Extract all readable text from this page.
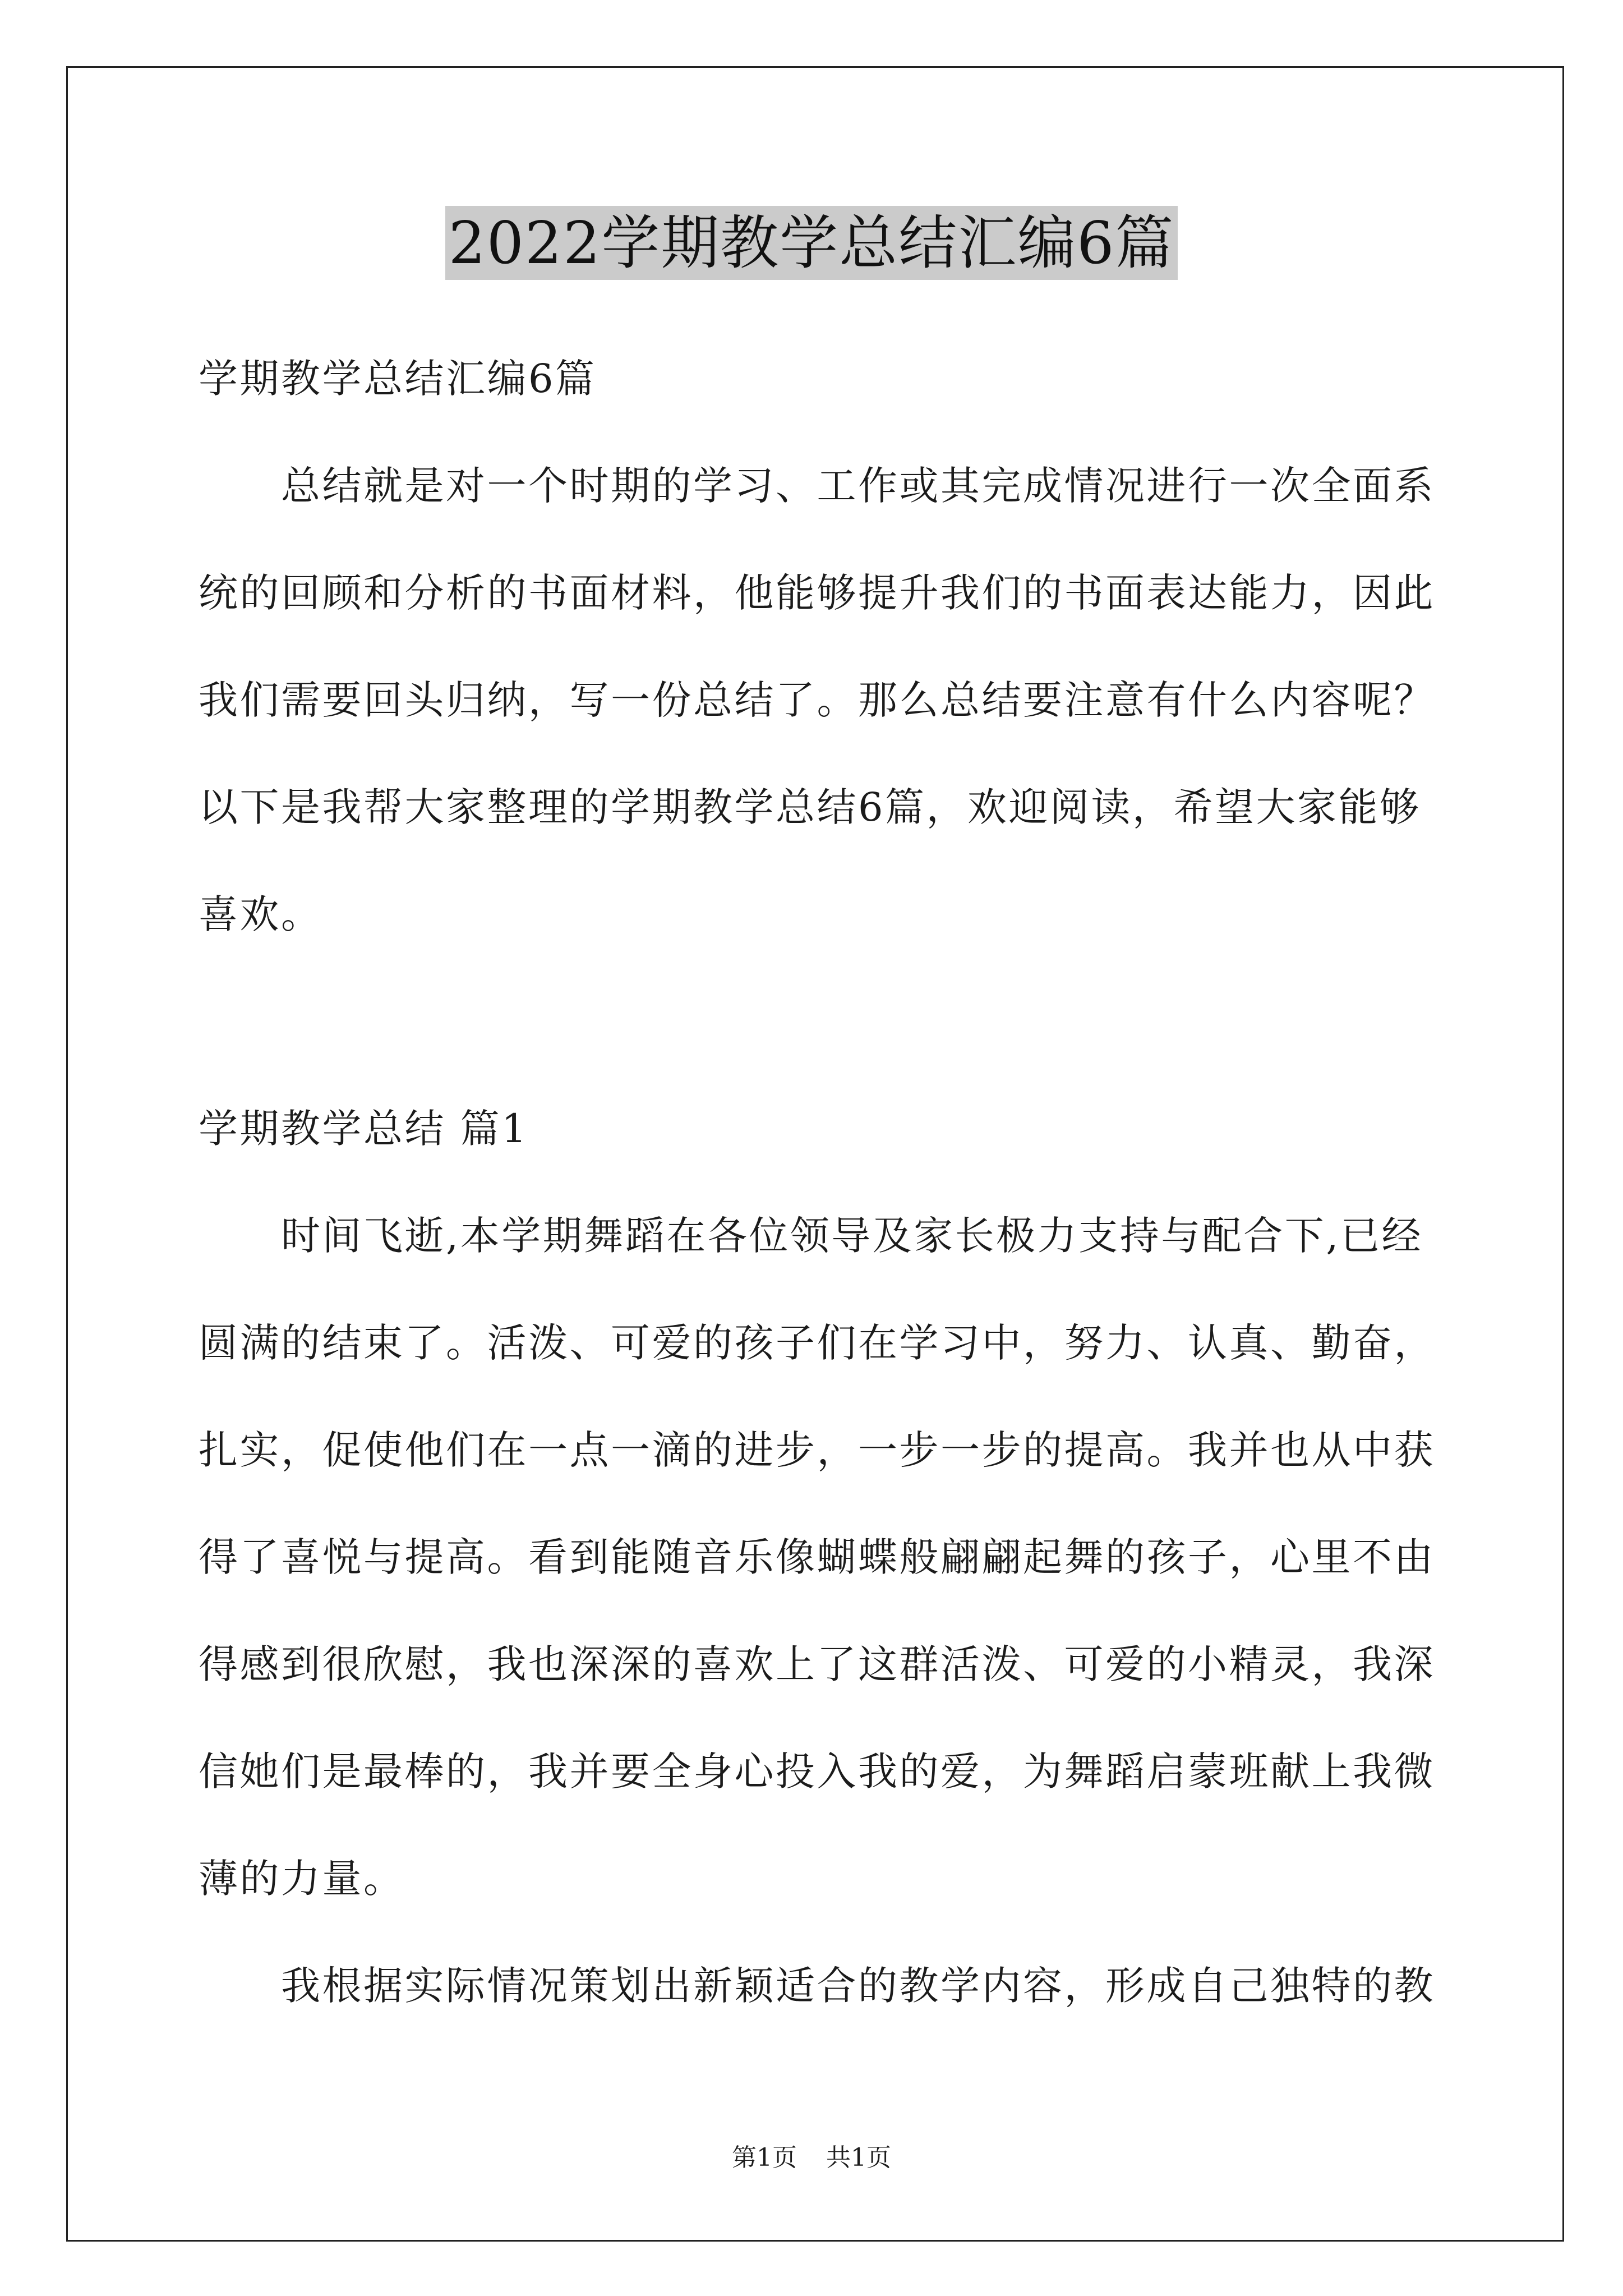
2022学期教学总结汇编6篇
学期教学总结汇编6篇
总结就是对一个时期的学习、工作或其完成情况进行一次全面系
统的回顾和分析的书面材料，他能够提升我们的书面表达能力，因此
我们需要回头归纳，写一份总结了。那么总结要注意有什么内容呢？
以下是我帮大家整理的学期教学总结6篇，欢迎阅读，希望大家能够
喜欢。
学期教学总结 篇1
时间飞逝,本学期舞蹈在各位领导及家长极力支持与配合下,已经
圆满的结束了。活泼、可爱的孩子们在学习中，努力、认真、勤奋，
扎实，促使他们在一点一滴的进步，一步一步的提高。我并也从中获
得了喜悦与提高。看到能随音乐像蝴蝶般翩翩起舞的孩子，心里不由
得感到很欣慰，我也深深的喜欢上了这群活泼、可爱的小精灵，我深
信她们是最棒的，我并要全身心投入我的爱，为舞蹈启蒙班献上我微
薄的力量。
我根据实际情况策划出新颖适合的教学内容，形成自己独特的教
第1页 共1页
